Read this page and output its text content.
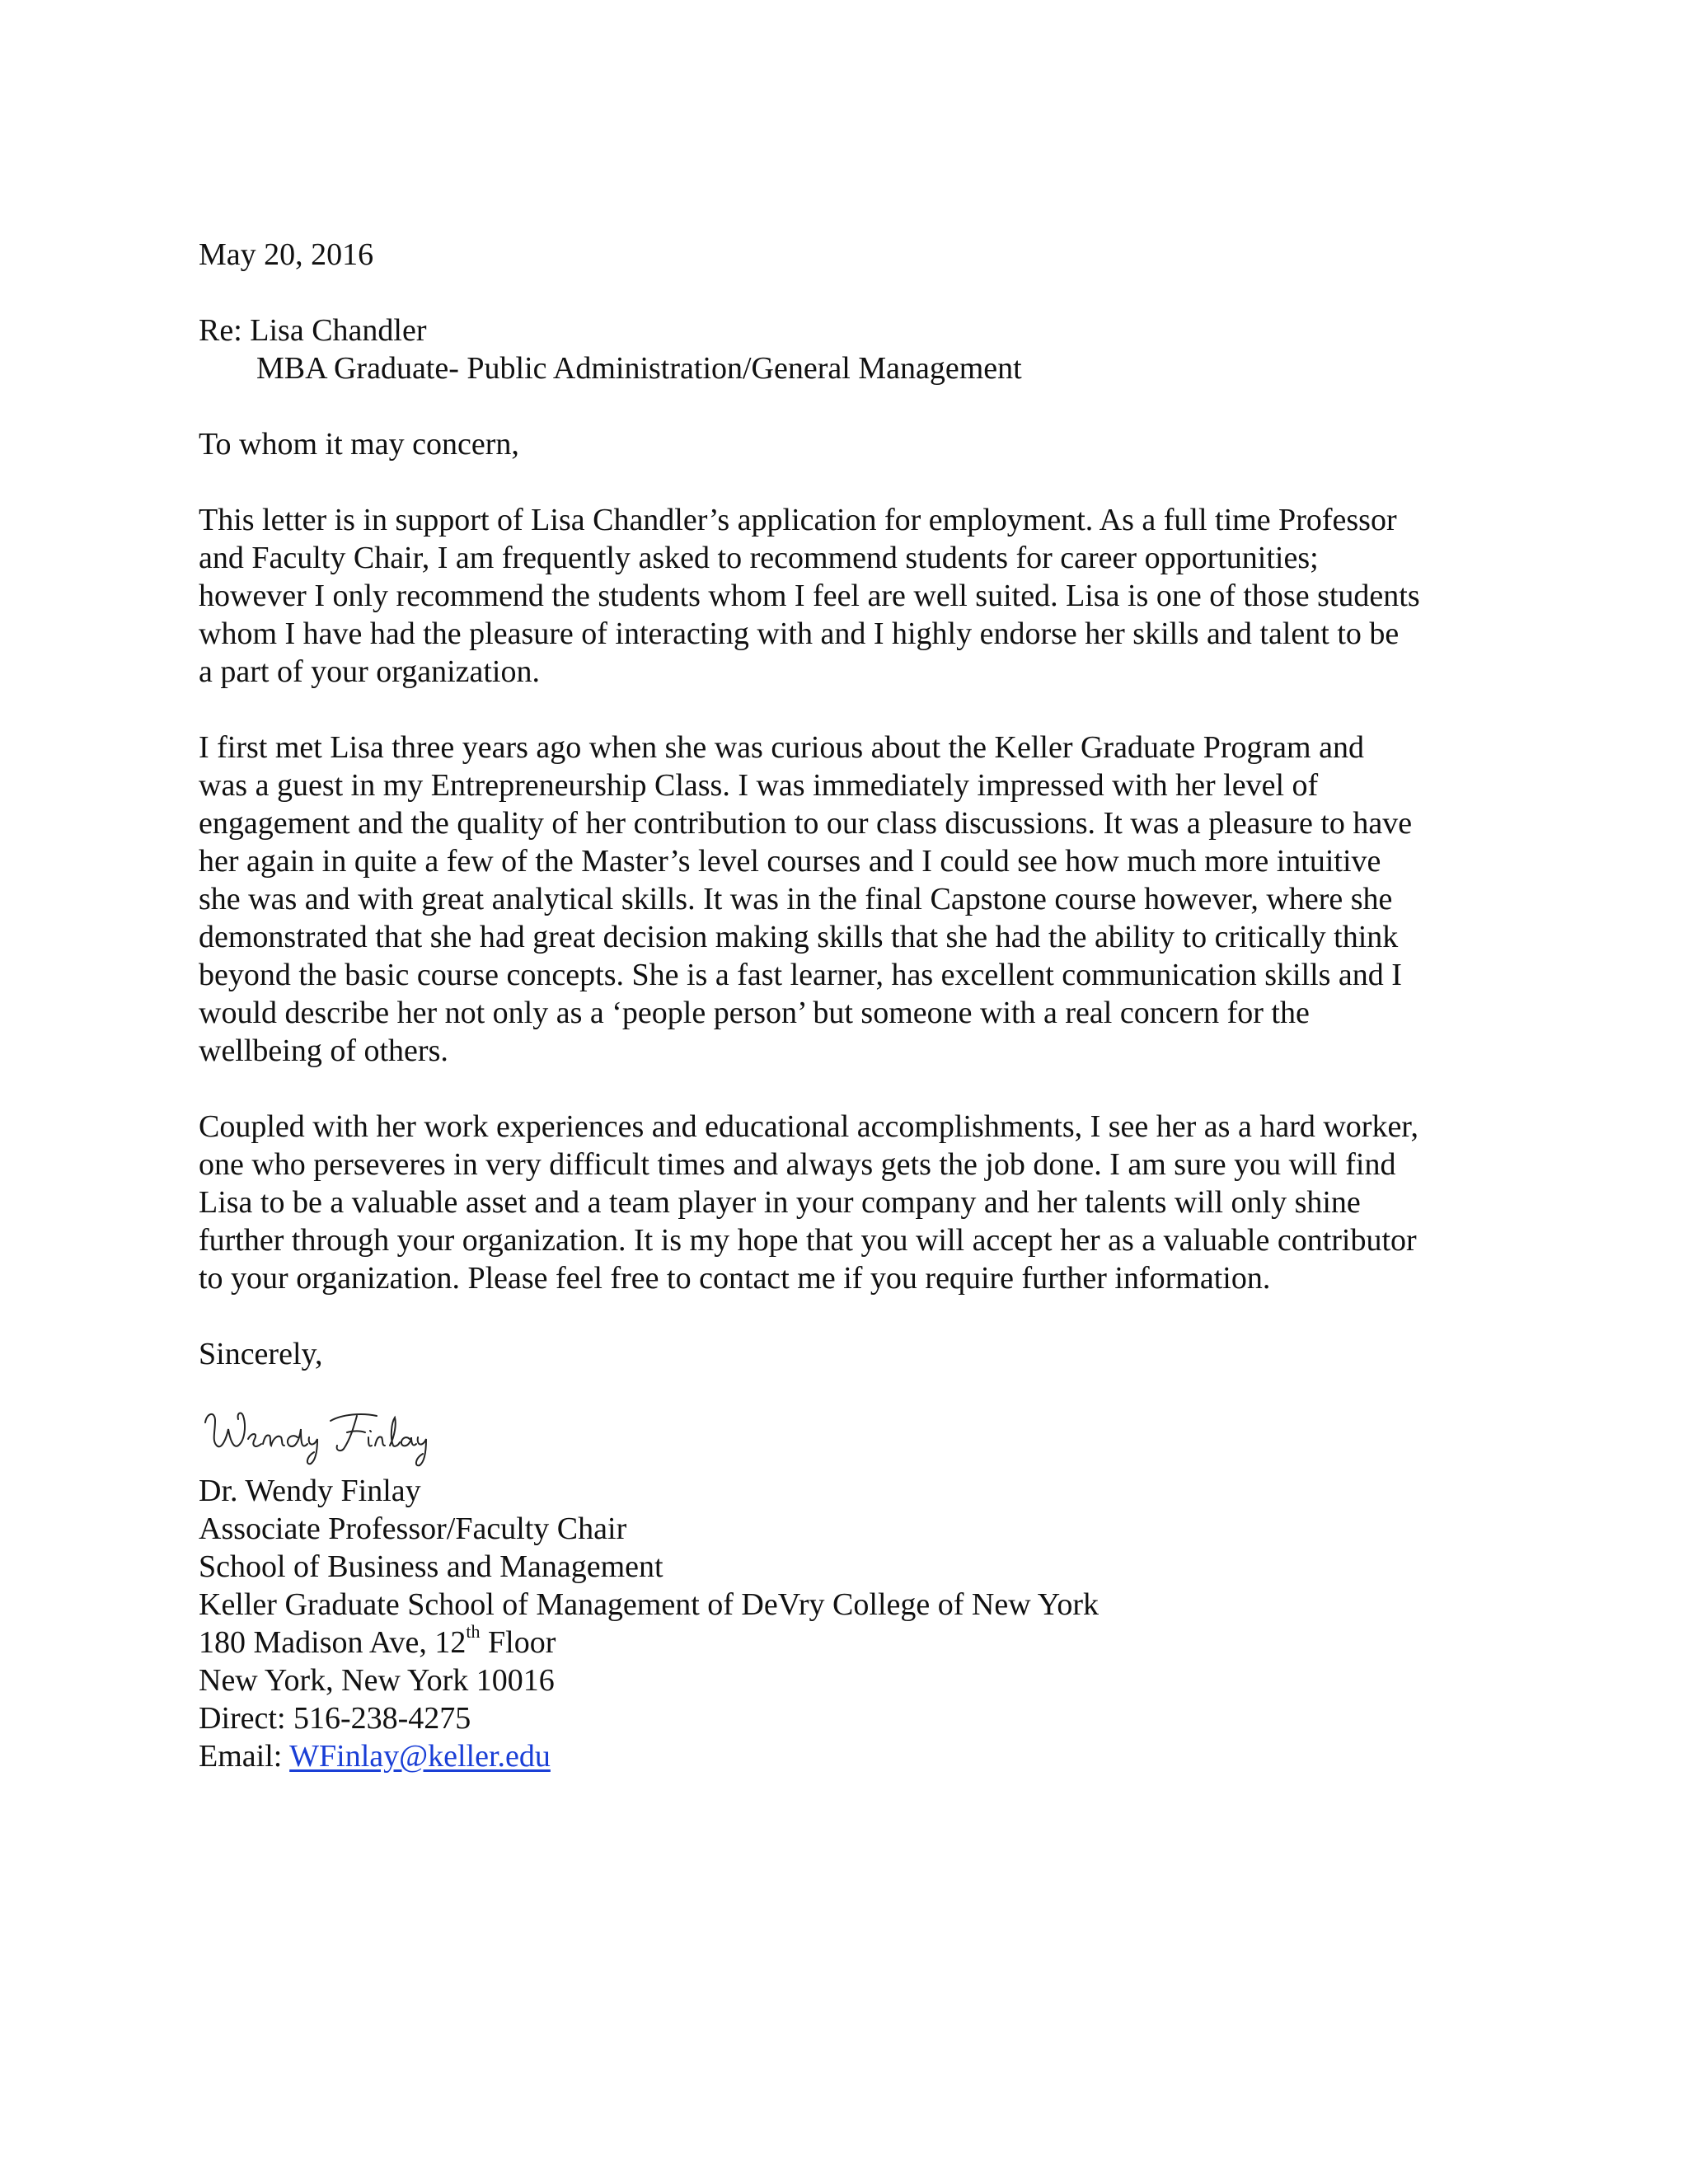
May 20, 2016
Re: Lisa Chandler
MBA Graduate- Public Administration/General Management
To whom it may concern,
This letter is in support of Lisa Chandler’s application for employment. As a full time Professor
and Faculty Chair, I am frequently asked to recommend students for career opportunities;
however I only recommend the students whom I feel are well suited. Lisa is one of those students
whom I have had the pleasure of interacting with and I highly endorse her skills and talent to be
a part of your organization.
I first met Lisa three years ago when she was curious about the Keller Graduate Program and
was a guest in my Entrepreneurship Class. I was immediately impressed with her level of
engagement and the quality of her contribution to our class discussions. It was a pleasure to have
her again in quite a few of the Master’s level courses and I could see how much more intuitive
she was and with great analytical skills. It was in the final Capstone course however, where she
demonstrated that she had great decision making skills that she had the ability to critically think
beyond the basic course concepts. She is a fast learner, has excellent communication skills and I
would describe her not only as a ‘people person’ but someone with a real concern for the
wellbeing of others.
Coupled with her work experiences and educational accomplishments, I see her as a hard worker,
one who perseveres in very difficult times and always gets the job done. I am sure you will find
Lisa to be a valuable asset and a team player in your company and her talents will only shine
further through your organization. It is my hope that you will accept her as a valuable contributor
to your organization. Please feel free to contact me if you require further information.
Sincerely,
Dr. Wendy Finlay
Associate Professor/Faculty Chair
School of Business and Management
Keller Graduate School of Management of DeVry College of New York
180 Madison Ave, 12th Floor
New York, New York 10016
Direct: 516-238-4275
Email: WFinlay@keller.edu
